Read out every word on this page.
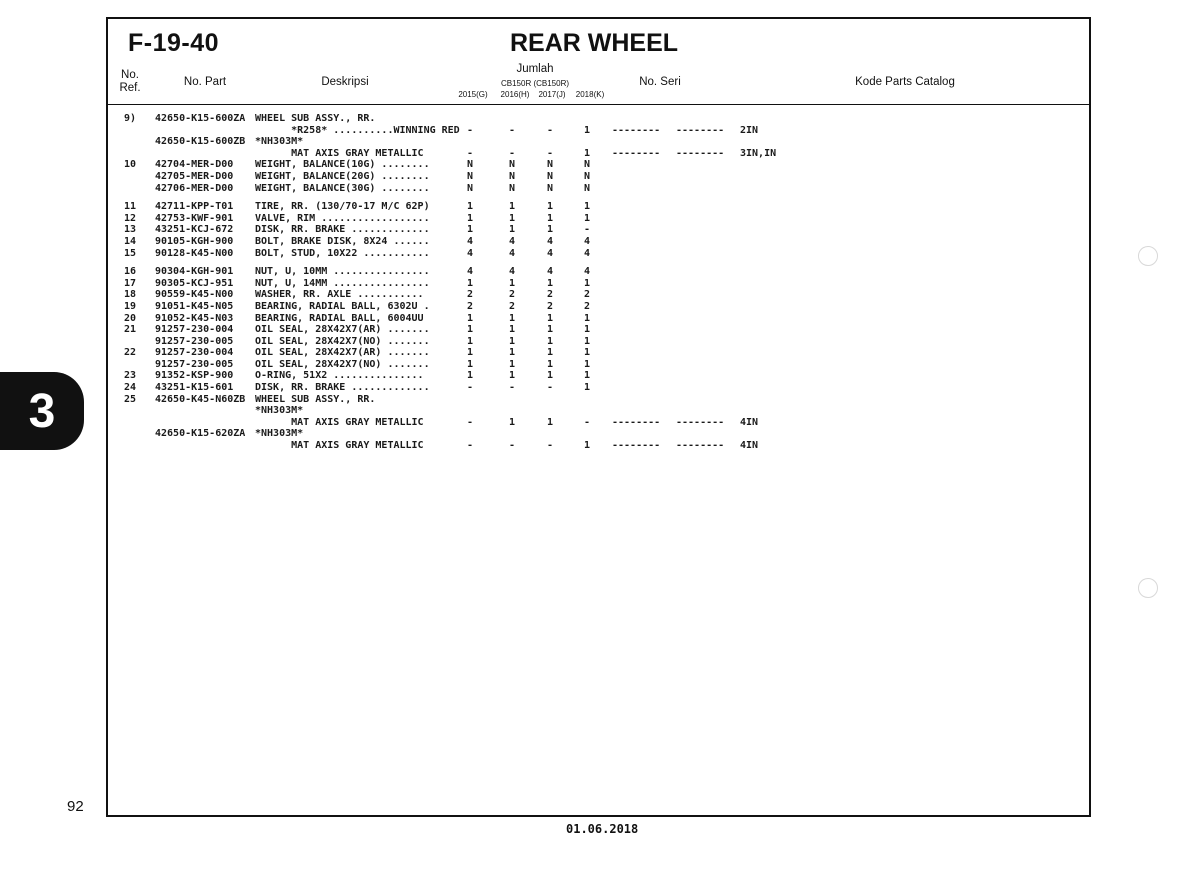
F-19-40	REAR WHEEL
No.
Ref.	No. Part	Deskripsi
Jumlah
CB150R (CB150R)
2015(G)	2016(H)	2017(J)	2018(K)
No. Seri	Kode Parts Catalog
9)	42650-K15-600ZA WHEEL SUB ASSY., RR.
*R258* ..........WINNING RED -	-	-	1	-------- -------- 2IN
42650-K15-600ZB *NH303M*
MAT AXIS GRAY METALLIC	-	-	-	1	-------- -------- 3IN,IN
10	42704-MER-D00 WEIGHT, BALANCE(10G) ........	N	N	N	N
42705-MER-D00 WEIGHT, BALANCE(20G) ........	N	N	N	N
42706-MER-D00 WEIGHT, BALANCE(30G) ........	N	N	N	N
11	42711-KPP-T01 TIRE, RR. (130/70-17 M/C 62P)	1	1	1	1
12	42753-KWF-901 VALVE, RIM ..................	1	1	1	1
13	43251-KCJ-672 DISK, RR. BRAKE .............	1	1	1	-
14	90105-KGH-900 BOLT, BRAKE DISK, 8X24 ......	4	4	4	4
15	90128-K45-N00 BOLT, STUD, 10X22 ...........	4	4	4	4
16	90304-KGH-901 NUT, U, 10MM ................	4	4	4	4
17	90305-KCJ-951 NUT, U, 14MM ................	1	1	1	1
18	90559-K45-N00 WASHER, RR. AXLE ...........	2	2	2	2
19	91051-K45-N05 BEARING, RADIAL BALL, 6302U .	2	2	2	2
20	91052-K45-N03 BEARING, RADIAL BALL, 6004UU	1	1	1	1
21	91257-230-004 OIL SEAL, 28X42X7(AR) .......	1	1	1	1
91257-230-005 OIL SEAL, 28X42X7(NO) .......	1	1	1	1
22	91257-230-004 OIL SEAL, 28X42X7(AR) .......	1	1	1	1
91257-230-005 OIL SEAL, 28X42X7(NO) .......	1	1	1	1
23	91352-KSP-900 O-RING, 51X2 ...............	1	1	1	1
24	43251-K15-601 DISK, RR. BRAKE .............	-	-	-	1
25	42650-K45-N60ZB WHEEL SUB ASSY., RR.
*NH303M*
MAT AXIS GRAY METALLIC	-	1	1	-	-------- -------- 4IN
42650-K15-620ZA *NH303M*
MAT AXIS GRAY METALLIC	-	-	-	1	-------- -------- 4IN
3
92
01.06.2018
